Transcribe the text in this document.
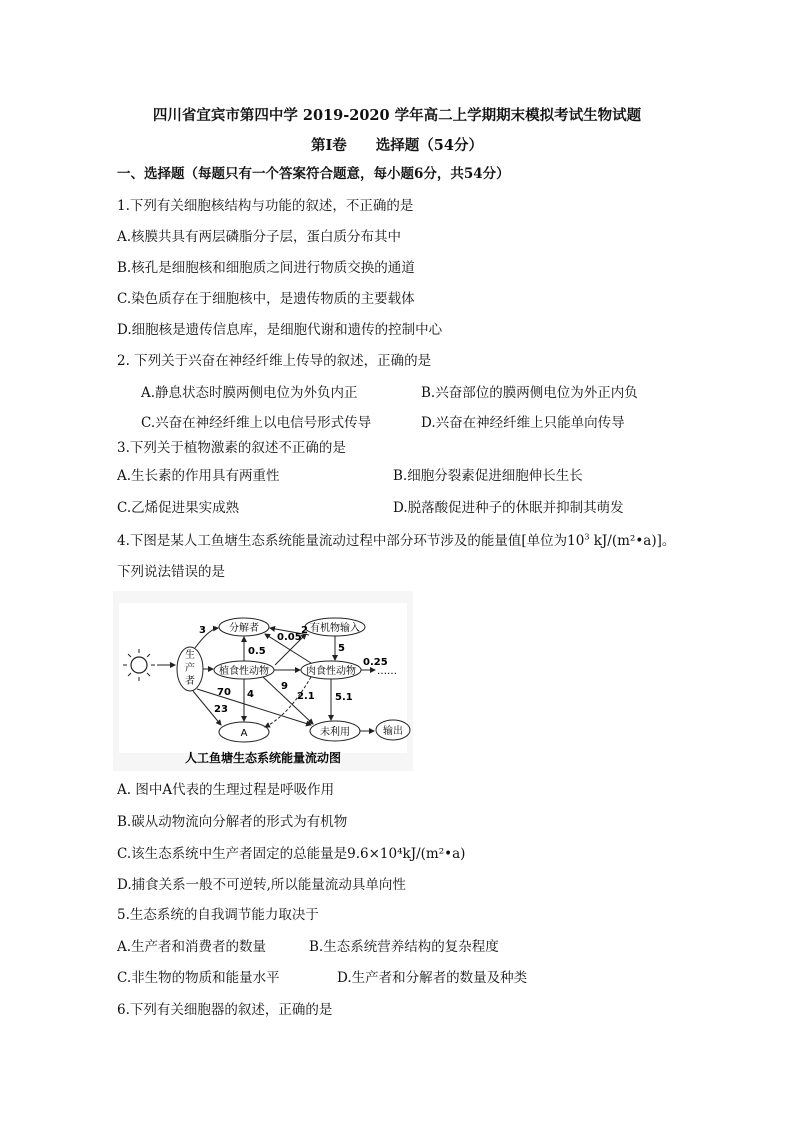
四川省宜宾市第四中学 2019-2020 学年高二上学期期末模拟考试生物试题
第Ⅰ卷　　选择题（54分）
一、选择题（每题只有一个答案符合题意，每小题6分，共54分）
1.下列有关细胞核结构与功能的叙述，不正确的是
A.核膜共具有两层磷脂分子层，蛋白质分布其中
B.核孔是细胞核和细胞质之间进行物质交换的通道
C.染色质存在于细胞核中，是遗传物质的主要载体
D.细胞核是遗传信息库，是细胞代谢和遗传的控制中心
2. 下列关于兴奋在神经纤维上传导的叙述，正确的是
A.静息状态时膜两侧电位为外负内正	B.兴奋部位的膜两侧电位为外正内负
C.兴奋在神经纤维上以电信号形式传导	D.兴奋在神经纤维上只能单向传导
3.下列关于植物激素的叙述不正确的是
A.生长素的作用具有两重性	B.细胞分裂素促进细胞伸长生长
C.乙烯促进果实成熟	D.脱落酸促进种子的休眠并抑制其萌发
4.下图是某人工鱼塘生态系统能量流动过程中部分环节涉及的能量值[单位为$10^3$ kJ/(m²•a)]。
下列说法错误的是
生
产
者
分解者	有机物输入
植食性动物	肉食性动物
A	未利用	输出
……
3
0.05
2
0.5	5
0.25
70 4
9
2.1 5.1
23
人工鱼塘生态系统能量流动图
A. 图中A代表的生理过程是呼吸作用
B.碳从动物流向分解者的形式为有机物
C.该生态系统中生产者固定的总能量是9.6×10⁴kJ/(m²•a)
D.捕食关系一般不可逆转,所以能量流动具单向性
5.生态系统的自我调节能力取决于
A.生产者和消费者的数量	B.生态系统营养结构的复杂程度
C.非生物的物质和能量水平	D.生产者和分解者的数量及种类
6.下列有关细胞器的叙述，正确的是
